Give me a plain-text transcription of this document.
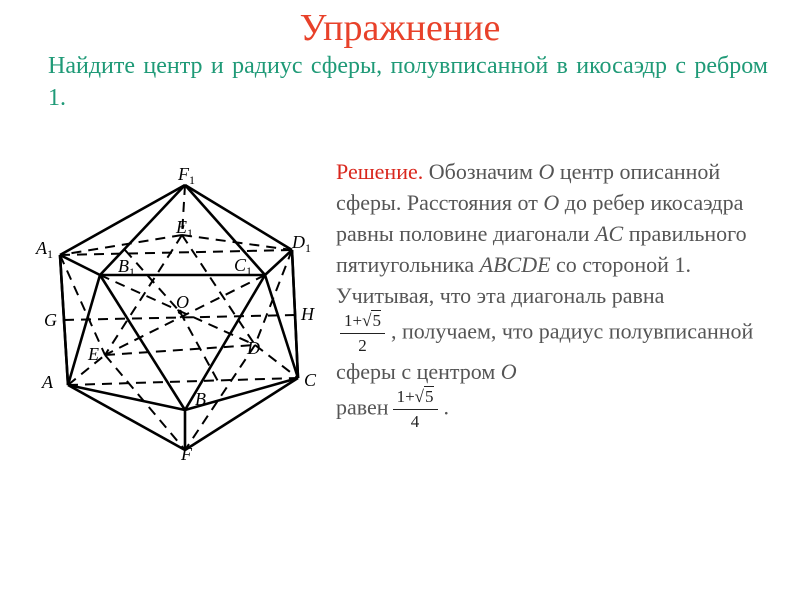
Упражнение
Найдите центр и радиус сферы, полувписанной в икосаэдр с ребром 1.
$F_1$
$E_1$
$A_1$
$D_1$
$B_1$	$C_1$
O
G	H
E	D
A	C
B
F
Решение. Обозначим O центр описанной сферы. Расстояния от O до ребер икосаэдра равны половине диагонали AC правильного пятиугольника ABCDE со стороной 1. Учитывая, что эта диагональ равна

$\frac{1+√5}{2}$ , получаем, что радиус полувписанной сферы с центром O
равен $\frac{1+√5}{4}$ .
